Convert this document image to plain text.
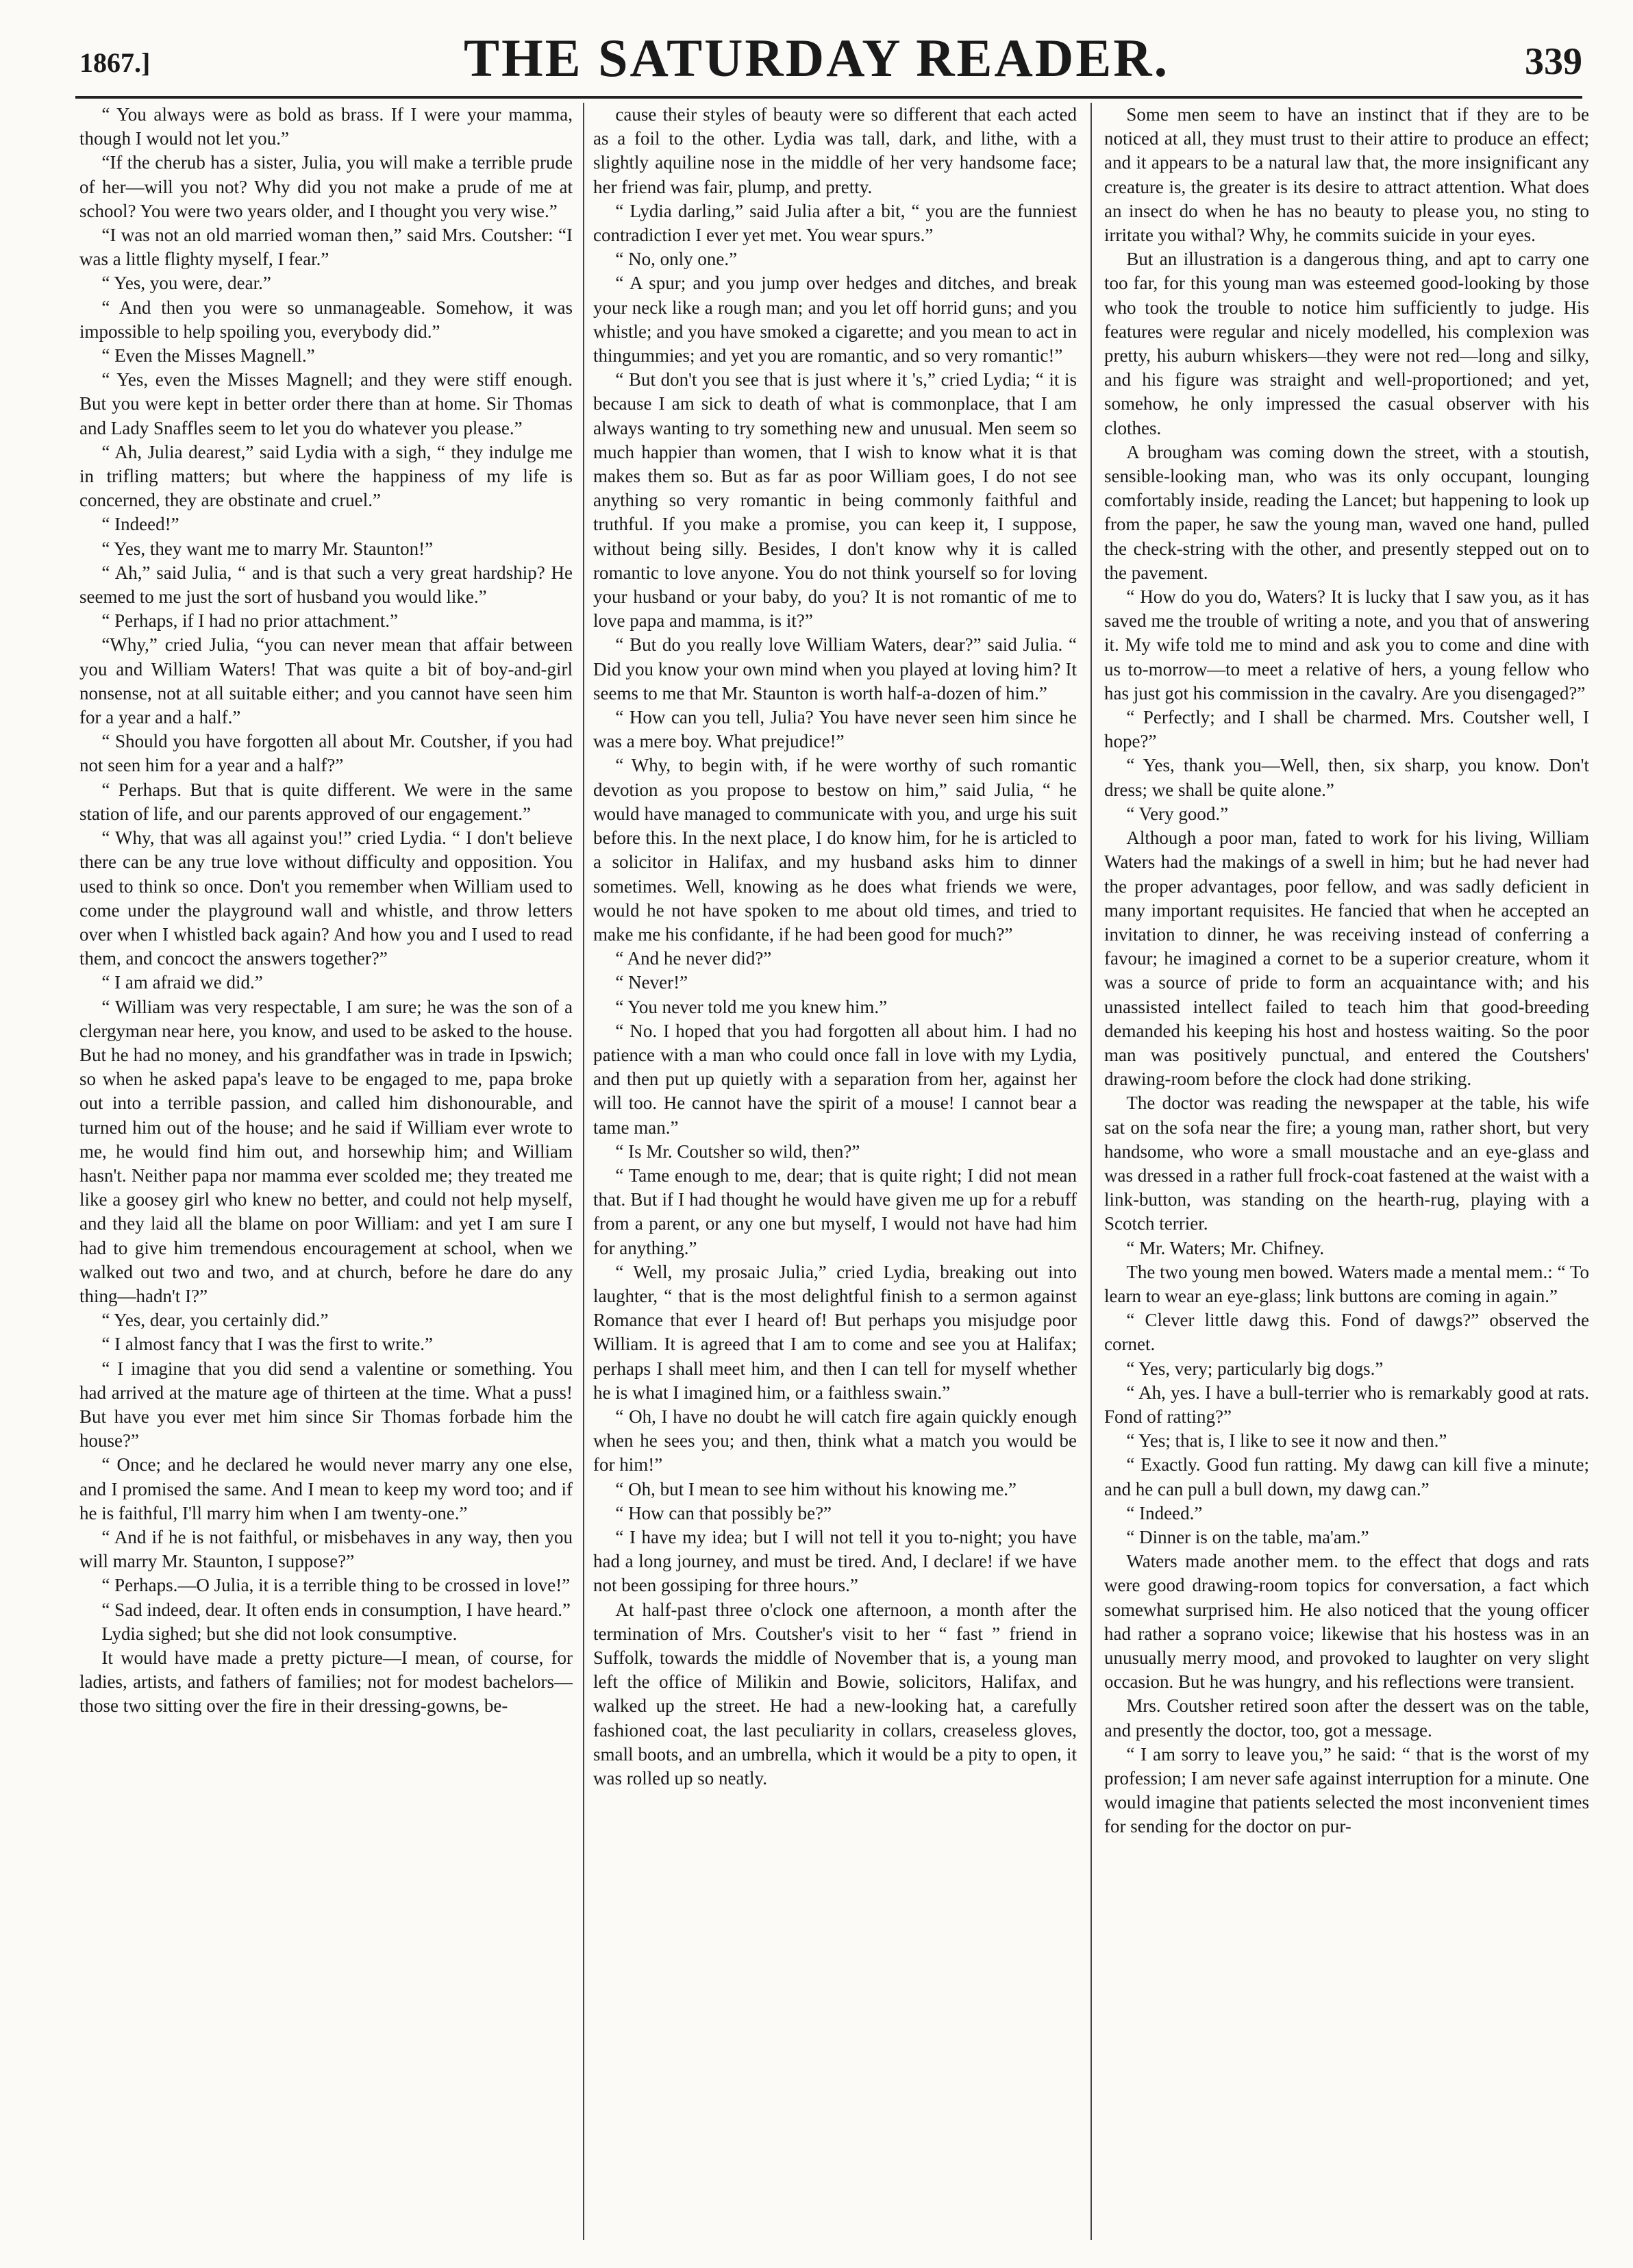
1867.]	THE SATURDAY READER.	339

“ You always were as bold as brass. If I were your mamma, though I would not let you.”

“If the cherub has a sister, Julia, you will make a terrible prude of her—will you not? Why did you not make a prude of me at school? You were two years older, and I thought you very wise.”

“I was not an old married woman then,” said Mrs. Coutsher: “I was a little flighty myself, I fear.”

“ Yes, you were, dear.”

“ And then you were so unmanageable. Somehow, it was impossible to help spoiling you, everybody did.”

“ Even the Misses Magnell.”

“ Yes, even the Misses Magnell; and they were stiff enough. But you were kept in better order there than at home. Sir Thomas and Lady Snaffles seem to let you do whatever you please.”

“ Ah, Julia dearest,” said Lydia with a sigh, “ they indulge me in trifling matters; but where the happiness of my life is concerned, they are obstinate and cruel.”

“ Indeed!”

“ Yes, they want me to marry Mr. Staunton!”

“ Ah,” said Julia, “ and is that such a very great hardship? He seemed to me just the sort of husband you would like.”

“ Perhaps, if I had no prior attachment.”

“Why,” cried Julia, “you can never mean that affair between you and William Waters! That was quite a bit of boy-and-girl nonsense, not at all suitable either; and you cannot have seen him for a year and a half.”

“ Should you have forgotten all about Mr. Coutsher, if you had not seen him for a year and a half?”

“ Perhaps. But that is quite different. We were in the same station of life, and our parents approved of our engagement.”

“ Why, that was all against you!” cried Lydia. “ I don't believe there can be any true love without difficulty and opposition. You used to think so once. Don't you remember when William used to come under the playground wall and whistle, and throw letters over when I whistled back again? And how you and I used to read them, and concoct the answers together?”

“ I am afraid we did.”

“ William was very respectable, I am sure; he was the son of a clergyman near here, you know, and used to be asked to the house. But he had no money, and his grandfather was in trade in Ipswich; so when he asked papa's leave to be engaged to me, papa broke out into a terrible passion, and called him dishonourable, and turned him out of the house; and he said if William ever wrote to me, he would find him out, and horsewhip him; and William hasn't. Neither papa nor mamma ever scolded me; they treated me like a goosey girl who knew no better, and could not help myself, and they laid all the blame on poor William: and yet I am sure I had to give him tremendous encouragement at school, when we walked out two and two, and at church, before he dare do any thing—hadn't I?”

“ Yes, dear, you certainly did.”

“ I almost fancy that I was the first to write.”

“ I imagine that you did send a valentine or something. You had arrived at the mature age of thirteen at the time. What a puss! But have you ever met him since Sir Thomas forbade him the house?”

“ Once; and he declared he would never marry any one else, and I promised the same. And I mean to keep my word too; and if he is faithful, I'll marry him when I am twenty-one.”

“ And if he is not faithful, or misbehaves in any way, then you will marry Mr. Staunton, I suppose?”

“ Perhaps.—O Julia, it is a terrible thing to be crossed in love!”

“ Sad indeed, dear. It often ends in consumption, I have heard.”

Lydia sighed; but she did not look consumptive.

It would have made a pretty picture—I mean, of course, for ladies, artists, and fathers of families; not for modest bachelors—those two sitting over the fire in their dressing-gowns, be-

cause their styles of beauty were so different that each acted as a foil to the other. Lydia was tall, dark, and lithe, with a slightly aquiline nose in the middle of her very handsome face; her friend was fair, plump, and pretty.

“ Lydia darling,” said Julia after a bit, “ you are the funniest contradiction I ever yet met. You wear spurs.”

“ No, only one.”

“ A spur; and you jump over hedges and ditches, and break your neck like a rough man; and you let off horrid guns; and you whistle; and you have smoked a cigarette; and you mean to act in thingummies; and yet you are romantic, and so very romantic!”

“ But don't you see that is just where it 's,” cried Lydia; “ it is because I am sick to death of what is commonplace, that I am always wanting to try something new and unusual. Men seem so much happier than women, that I wish to know what it is that makes them so. But as far as poor William goes, I do not see anything so very romantic in being commonly faithful and truthful. If you make a promise, you can keep it, I suppose, without being silly. Besides, I don't know why it is called romantic to love anyone. You do not think yourself so for loving your husband or your baby, do you? It is not romantic of me to love papa and mamma, is it?”

“ But do you really love William Waters, dear?” said Julia. “ Did you know your own mind when you played at loving him? It seems to me that Mr. Staunton is worth half-a-dozen of him.”

“ How can you tell, Julia? You have never seen him since he was a mere boy. What prejudice!”

“ Why, to begin with, if he were worthy of such romantic devotion as you propose to bestow on him,” said Julia, “ he would have managed to communicate with you, and urge his suit before this. In the next place, I do know him, for he is articled to a solicitor in Halifax, and my husband asks him to dinner sometimes. Well, knowing as he does what friends we were, would he not have spoken to me about old times, and tried to make me his confidante, if he had been good for much?”

“ And he never did?”

“ Never!”

“ You never told me you knew him.”

“ No. I hoped that you had forgotten all about him. I had no patience with a man who could once fall in love with my Lydia, and then put up quietly with a separation from her, against her will too. He cannot have the spirit of a mouse! I cannot bear a tame man.”

“ Is Mr. Coutsher so wild, then?”

“ Tame enough to me, dear; that is quite right; I did not mean that. But if I had thought he would have given me up for a rebuff from a parent, or any one but myself, I would not have had him for anything.”

“ Well, my prosaic Julia,” cried Lydia, breaking out into laughter, “ that is the most delightful finish to a sermon against Romance that ever I heard of! But perhaps you misjudge poor William. It is agreed that I am to come and see you at Halifax; perhaps I shall meet him, and then I can tell for myself whether he is what I imagined him, or a faithless swain.”

“ Oh, I have no doubt he will catch fire again quickly enough when he sees you; and then, think what a match you would be for him!”

“ Oh, but I mean to see him without his knowing me.”

“ How can that possibly be?”

“ I have my idea; but I will not tell it you to-night; you have had a long journey, and must be tired. And, I declare! if we have not been gossiping for three hours.”

At half-past three o'clock one afternoon, a month after the termination of Mrs. Coutsher's visit to her “ fast ” friend in Suffolk, towards the middle of November that is, a young man left the office of Milikin and Bowie, solicitors, Halifax, and walked up the street. He had a new-looking hat, a carefully fashioned coat, the last peculiarity in collars, creaseless gloves, small boots, and an umbrella, which it would be a pity to open, it was rolled up so neatly.

Some men seem to have an instinct that if they are to be noticed at all, they must trust to their attire to produce an effect; and it appears to be a natural law that, the more insignificant any creature is, the greater is its desire to attract attention. What does an insect do when he has no beauty to please you, no sting to irritate you withal? Why, he commits suicide in your eyes.

But an illustration is a dangerous thing, and apt to carry one too far, for this young man was esteemed good-looking by those who took the trouble to notice him sufficiently to judge. His features were regular and nicely modelled, his complexion was pretty, his auburn whiskers—they were not red—long and silky, and his figure was straight and well-proportioned; and yet, somehow, he only impressed the casual observer with his clothes.

A brougham was coming down the street, with a stoutish, sensible-looking man, who was its only occupant, lounging comfortably inside, reading the Lancet; but happening to look up from the paper, he saw the young man, waved one hand, pulled the check-string with the other, and presently stepped out on to the pavement.

“ How do you do, Waters? It is lucky that I saw you, as it has saved me the trouble of writing a note, and you that of answering it. My wife told me to mind and ask you to come and dine with us to-morrow—to meet a relative of hers, a young fellow who has just got his commission in the cavalry. Are you disengaged?”

“ Perfectly; and I shall be charmed. Mrs. Coutsher well, I hope?”

“ Yes, thank you—Well, then, six sharp, you know. Don't dress; we shall be quite alone.”

“ Very good.”

Although a poor man, fated to work for his living, William Waters had the makings of a swell in him; but he had never had the proper advantages, poor fellow, and was sadly deficient in many important requisites. He fancied that when he accepted an invitation to dinner, he was receiving instead of conferring a favour; he imagined a cornet to be a superior creature, whom it was a source of pride to form an acquaintance with; and his unassisted intellect failed to teach him that good-breeding demanded his keeping his host and hostess waiting. So the poor man was positively punctual, and entered the Coutshers' drawing-room before the clock had done striking.

The doctor was reading the newspaper at the table, his wife sat on the sofa near the fire; a young man, rather short, but very handsome, who wore a small moustache and an eye-glass and was dressed in a rather full frock-coat fastened at the waist with a link-button, was standing on the hearth-rug, playing with a Scotch terrier.

“ Mr. Waters; Mr. Chifney.

The two young men bowed. Waters made a mental mem.: “ To learn to wear an eye-glass; link buttons are coming in again.”

“ Clever little dawg this. Fond of dawgs?” observed the cornet.

“ Yes, very; particularly big dogs.”

“ Ah, yes. I have a bull-terrier who is remarkably good at rats. Fond of ratting?”

“ Yes; that is, I like to see it now and then.”

“ Exactly. Good fun ratting. My dawg can kill five a minute; and he can pull a bull down, my dawg can.”

“ Indeed.”

“ Dinner is on the table, ma'am.”

Waters made another mem. to the effect that dogs and rats were good drawing-room topics for conversation, a fact which somewhat surprised him. He also noticed that the young officer had rather a soprano voice; likewise that his hostess was in an unusually merry mood, and provoked to laughter on very slight occasion. But he was hungry, and his reflections were transient.

Mrs. Coutsher retired soon after the dessert was on the table, and presently the doctor, too, got a message.

“ I am sorry to leave you,” he said: “ that is the worst of my profession; I am never safe against interruption for a minute. One would imagine that patients selected the most inconvenient times for sending for the doctor on pur-
